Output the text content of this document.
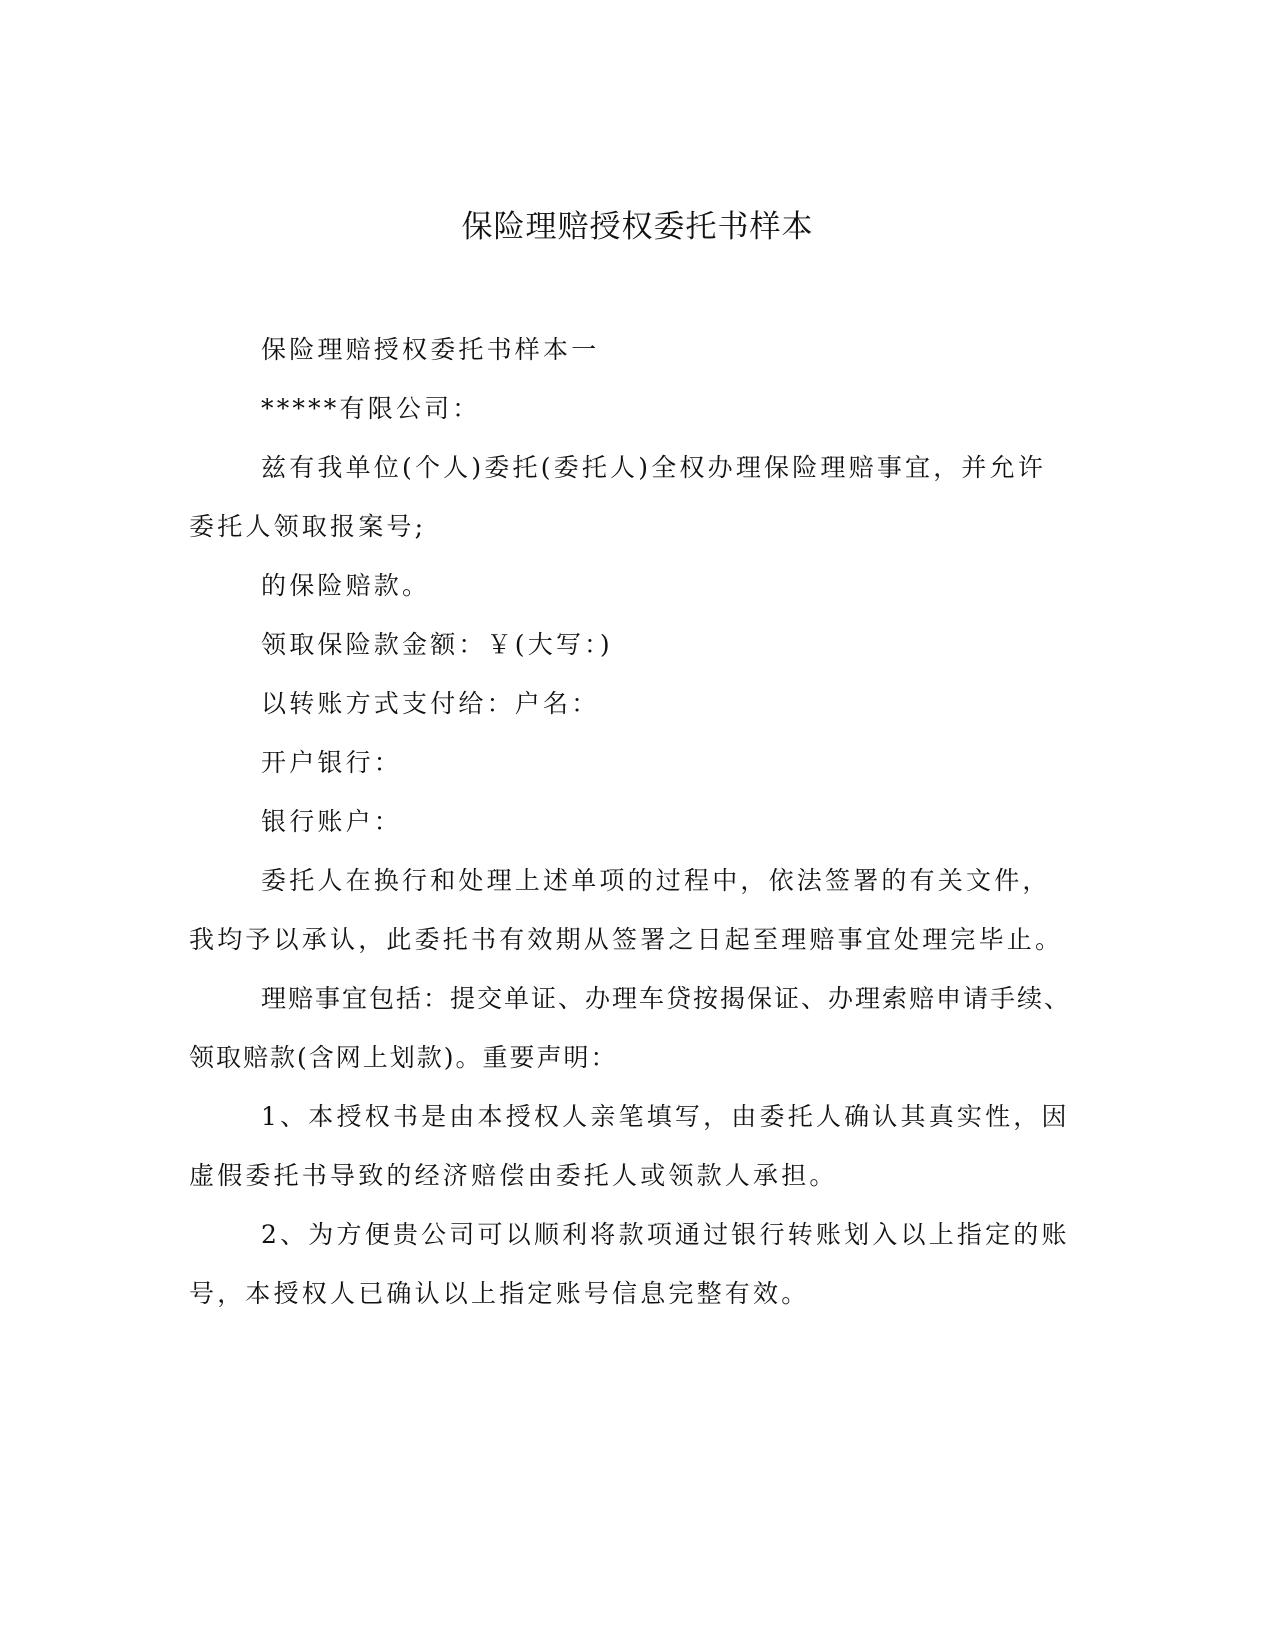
保险理赔授权委托书样本

保险理赔授权委托书样本一

*****有限公司：

兹有我单位(个人)委托(委托人)全权办理保险理赔事宜，并允许委托人领取报案号;

的保险赔款。

领取保险款金额：￥(大写：)

以转账方式支付给：户名：

开户银行：

银行账户：

委托人在换行和处理上述单项的过程中，依法签署的有关文件，我均予以承认，此委托书有效期从签署之日起至理赔事宜处理完毕止。

理赔事宜包括：提交单证、办理车贷按揭保证、办理索赔申请手续、领取赔款(含网上划款)。重要声明：

1、本授权书是由本授权人亲笔填写，由委托人确认其真实性，因虚假委托书导致的经济赔偿由委托人或领款人承担。

2、为方便贵公司可以顺利将款项通过银行转账划入以上指定的账号，本授权人已确认以上指定账号信息完整有效。
